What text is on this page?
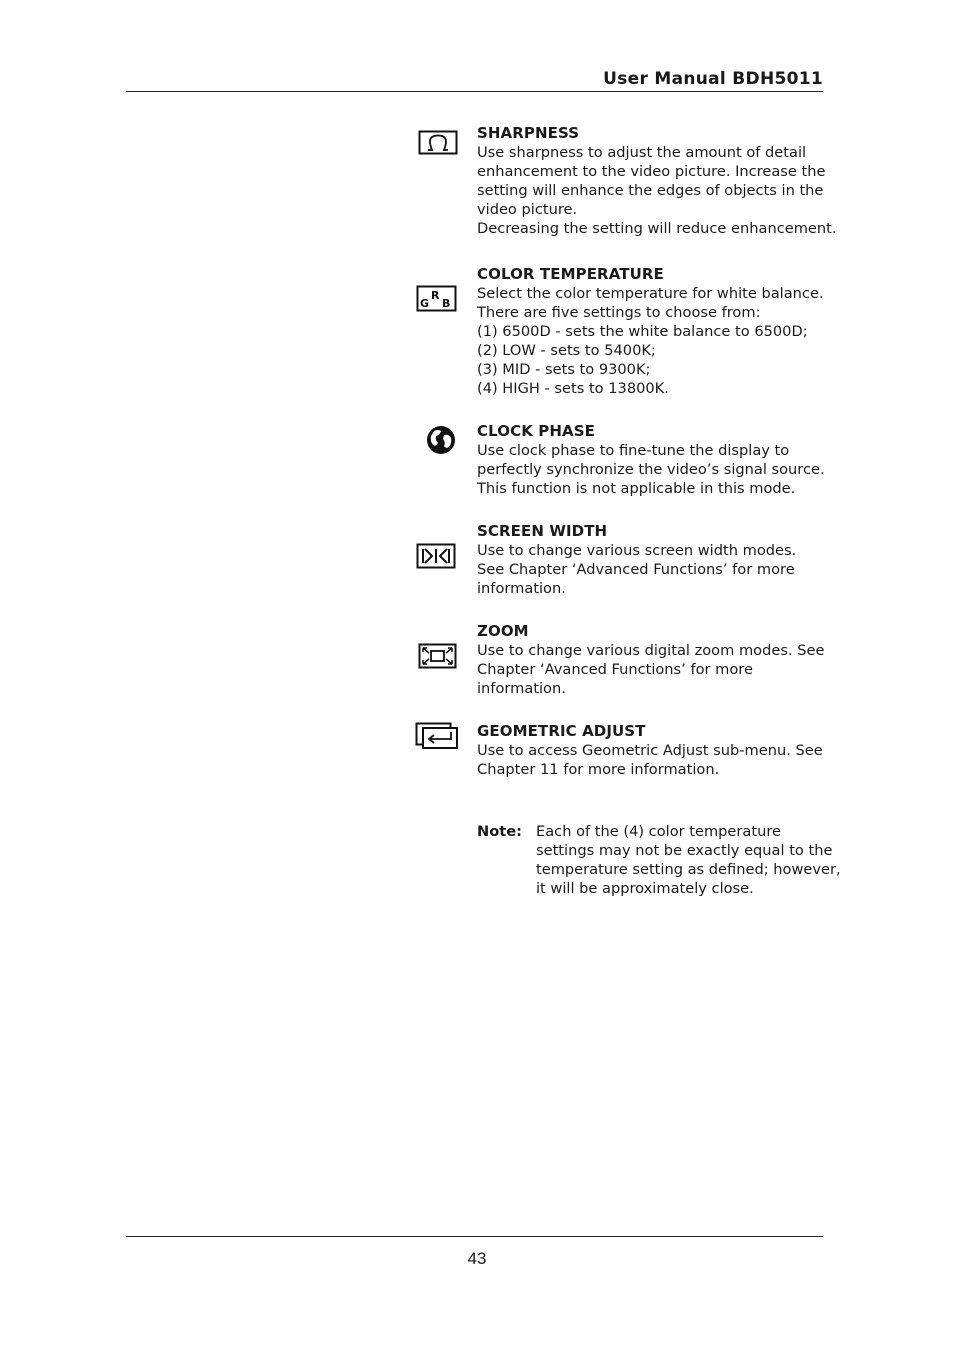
User Manual BDH5011
SHARPNESS
Use sharpness to adjust the amount of detail
enhancement to the video picture. Increase the
setting will enhance the edges of objects in the
video picture.
Decreasing the setting will reduce enhancement.
G
R
B
COLOR TEMPERATURE
Select the color temperature for white balance.
There are five settings to choose from:
(1) 6500D - sets the white balance to 6500D;
(2) LOW - sets to 5400K;
(3) MID - sets to 9300K;
(4) HIGH - sets to 13800K.
CLOCK PHASE
Use clock phase to fine-tune the display to
perfectly synchronize the video’s signal source.
This function is not applicable in this mode.
SCREEN WIDTH
Use to change various screen width modes.
See Chapter ‘Advanced Functions’ for more
information.
ZOOM
Use to change various digital zoom modes. See
Chapter ‘Avanced Functions’ for more
information.
GEOMETRIC ADJUST
Use to access Geometric Adjust sub-menu. See
Chapter 11 for more information.
Note: Each of the (4) color temperature
settings may not be exactly equal to the
temperature setting as defined; however,
it will be approximately close.
43
